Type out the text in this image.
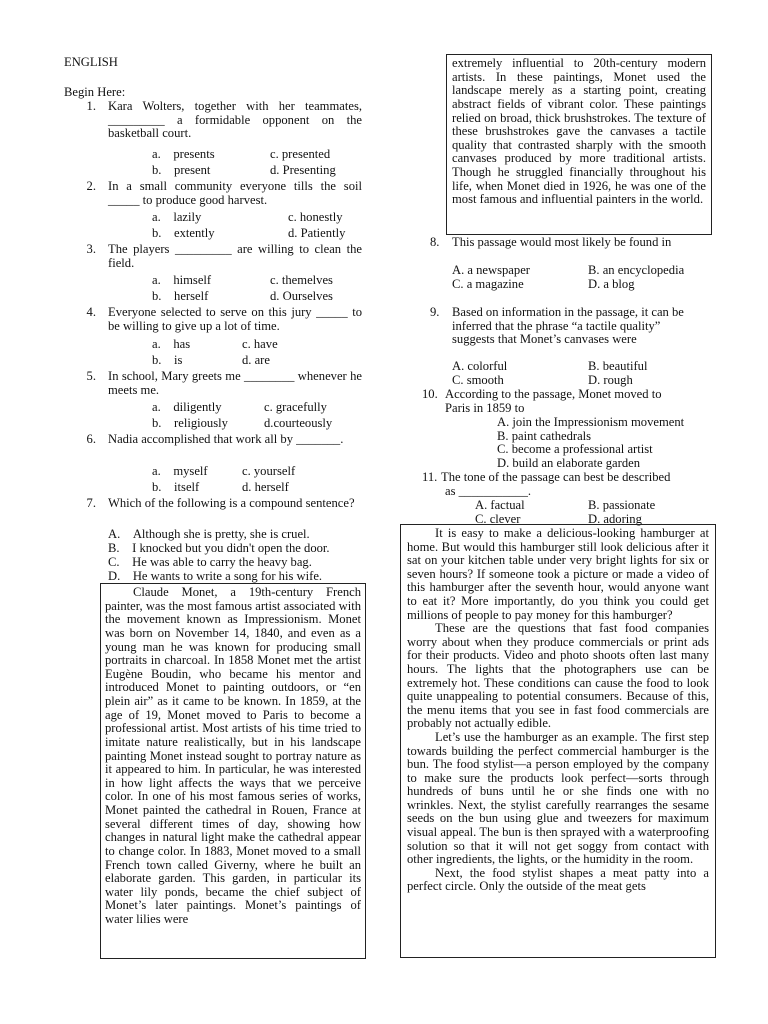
ENGLISH
Begin Here:
1. Kara Wolters, together with her teammates, _________ a formidable opponent on the basketball court.
a. presents	c. presented
b. present	d. Presenting
2. In a small community everyone tills the soil _____ to produce good harvest.
a. lazily	c. honestly
b. extently	d. Patiently
3. The players _________ are willing to clean the field.
a. himself	c. themelves
b. herself	d. Ourselves
4. Everyone selected to serve on this jury _____ to be willing to give up a lot of time.
a. has	c. have
b. is	d. are
5. In school, Mary greets me ________ whenever he meets me.
a. diligently	c. gracefully
b. religiously	d.courteously
6. Nadia accomplished that work all by _______.
a. myself	c. yourself
b. itself	d. herself
7. Which of the following is a compound sentence?
A. Although she is pretty, she is cruel.
B. I knocked but you didn't open the door.
C. He was able to carry the heavy bag.
D. He wants to write a song for his wife.

Claude Monet, a 19th-century French painter, was the most famous artist associated with the movement known as Impressionism. Monet was born on November 14, 1840, and even as a young man he was known for producing small portraits in charcoal. In 1858 Monet met the artist Eugène Boudin, who became his mentor and introduced Monet to painting outdoors, or “en plein air” as it came to be known. In 1859, at the age of 19, Monet moved to Paris to become a professional artist. Most artists of his time tried to imitate nature realistically, but in his landscape painting Monet instead sought to portray nature as it appeared to him. In particular, he was interested in how light affects the ways that we perceive color. In one of his most famous series of works, Monet painted the cathedral in Rouen, France at several different times of day, showing how changes in natural light make the cathedral appear to change color. In 1883, Monet moved to a small French town called Giverny, where he built an elaborate garden. This garden, in particular its water lily ponds, became the chief subject of Monet’s later paintings. Monet’s paintings of water lilies were

extremely influential to 20th-century modern artists. In these paintings, Monet used the landscape merely as a starting point, creating abstract fields of vibrant color. These paintings relied on broad, thick brushstrokes. The texture of these brushstrokes gave the canvases a tactile quality that contrasted sharply with the smooth canvases produced by more traditional artists. Though he struggled financially throughout his life, when Monet died in 1926, he was one of the most famous and influential painters in the world.

8. This passage would most likely be found in
A. a newspaper	B. an encyclopedia
C. a magazine	D. a blog
9. Based on information in the passage, it can be inferred that the phrase “a tactile quality” suggests that Monet’s canvases were
A. colorful	B. beautiful
C. smooth	D. rough
10. According to the passage, Monet moved to
Paris in 1859 to
A. join the Impressionism movement
B. paint cathedrals
C. become a professional artist
D. build an elaborate garden
11. The tone of the passage can best be described
as ___________.
A. factual	B. passionate
C. clever	D. adoring

It is easy to make a delicious-looking hamburger at home. But would this hamburger still look delicious after it sat on your kitchen table under very bright lights for six or seven hours? If someone took a picture or made a video of this hamburger after the seventh hour, would anyone want to eat it? More importantly, do you think you could get millions of people to pay money for this hamburger?

These are the questions that fast food companies worry about when they produce commercials or print ads for their products. Video and photo shoots often last many hours. The lights that the photographers use can be extremely hot. These conditions can cause the food to look quite unappealing to potential consumers. Because of this, the menu items that you see in fast food commercials are probably not actually edible.

Let’s use the hamburger as an example. The first step towards building the perfect commercial hamburger is the bun. The food stylist—a person employed by the company to make sure the products look perfect—sorts through hundreds of buns until he or she finds one with no wrinkles. Next, the stylist carefully rearranges the sesame seeds on the bun using glue and tweezers for maximum visual appeal. The bun is then sprayed with a waterproofing solution so that it will not get soggy from contact with other ingredients, the lights, or the humidity in the room.

Next, the food stylist shapes a meat patty into a perfect circle. Only the outside of the meat gets
